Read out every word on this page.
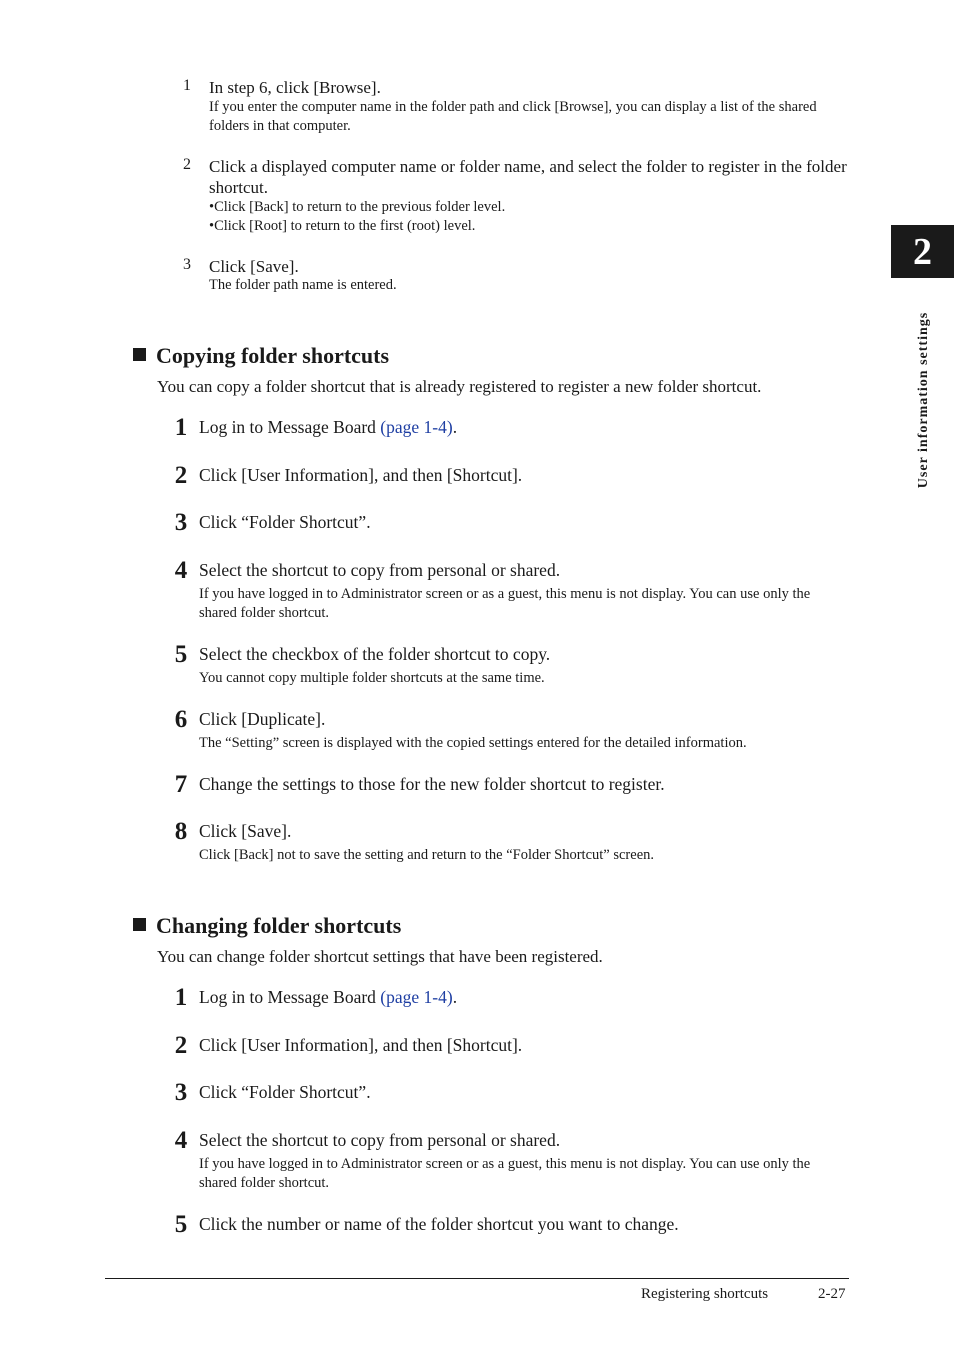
1 In step 6, click [Browse].
If you enter the computer name in the folder path and click [Browse], you can display a list of the shared folders in that computer.
2 Click a displayed computer name or folder name, and select the folder to register in the folder shortcut.
•Click [Back] to return to the previous folder level.
•Click [Root] to return to the first (root) level.
3 Click [Save].
The folder path name is entered.
Copying folder shortcuts
You can copy a folder shortcut that is already registered to register a new folder shortcut.
1 Log in to Message Board (page 1-4).
2 Click [User Information], and then [Shortcut].
3 Click “Folder Shortcut”.
4 Select the shortcut to copy from personal or shared.
If you have logged in to Administrator screen or as a guest, this menu is not display. You can use only the shared folder shortcut.
5 Select the checkbox of the folder shortcut to copy.
You cannot copy multiple folder shortcuts at the same time.
6 Click [Duplicate].
The “Setting” screen is displayed with the copied settings entered for the detailed information.
7 Change the settings to those for the new folder shortcut to register.
8 Click [Save].
Click [Back] not to save the setting and return to the “Folder Shortcut” screen.
Changing folder shortcuts
You can change folder shortcut settings that have been registered.
1 Log in to Message Board (page 1-4).
2 Click [User Information], and then [Shortcut].
3 Click “Folder Shortcut”.
4 Select the shortcut to copy from personal or shared.
If you have logged in to Administrator screen or as a guest, this menu is not display. You can use only the shared folder shortcut.
5 Click the number or name of the folder shortcut you want to change.
2
User information settings
Registering shortcuts	2-27
